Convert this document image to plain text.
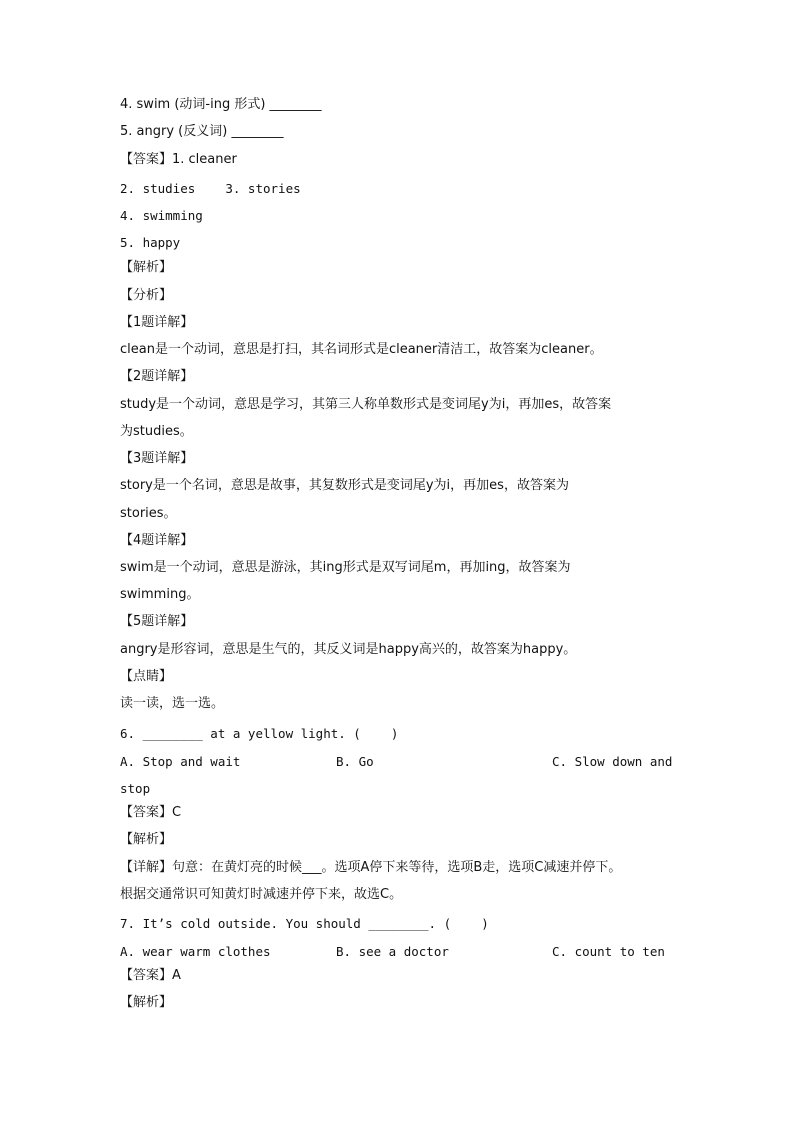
4. swim (动词-ing 形式) ________
5. angry (反义词) ________
【答案】1. cleaner
2. studies    3. stories
4. swimming
5. happy
【解析】
【分析】
【1题详解】
clean是一个动词，意思是打扫，其名词形式是cleaner清洁工，故答案为cleaner。
【2题详解】
study是一个动词，意思是学习，其第三人称单数形式是变词尾y为i，再加es，故答案
为studies。
【3题详解】
story是一个名词，意思是故事，其复数形式是变词尾y为i，再加es，故答案为
stories。
【4题详解】
swim是一个动词，意思是游泳，其ing形式是双写词尾m，再加ing，故答案为
swimming。
【5题详解】
angry是形容词，意思是生气的，其反义词是happy高兴的，故答案为happy。
【点睛】
读一读，选一选。
6. ________ at a yellow light. (    )
A. Stop and wait	B. Go	C. Slow down and
stop
【答案】C
【解析】
【详解】句意：在黄灯亮的时候___。选项A停下来等待，选项B走，选项C减速并停下。
根据交通常识可知黄灯时减速并停下来，故选C。
7. It’s cold outside. You should ________. (    )
A. wear warm clothes	B. see a doctor	C. count to ten
【答案】A
【解析】
